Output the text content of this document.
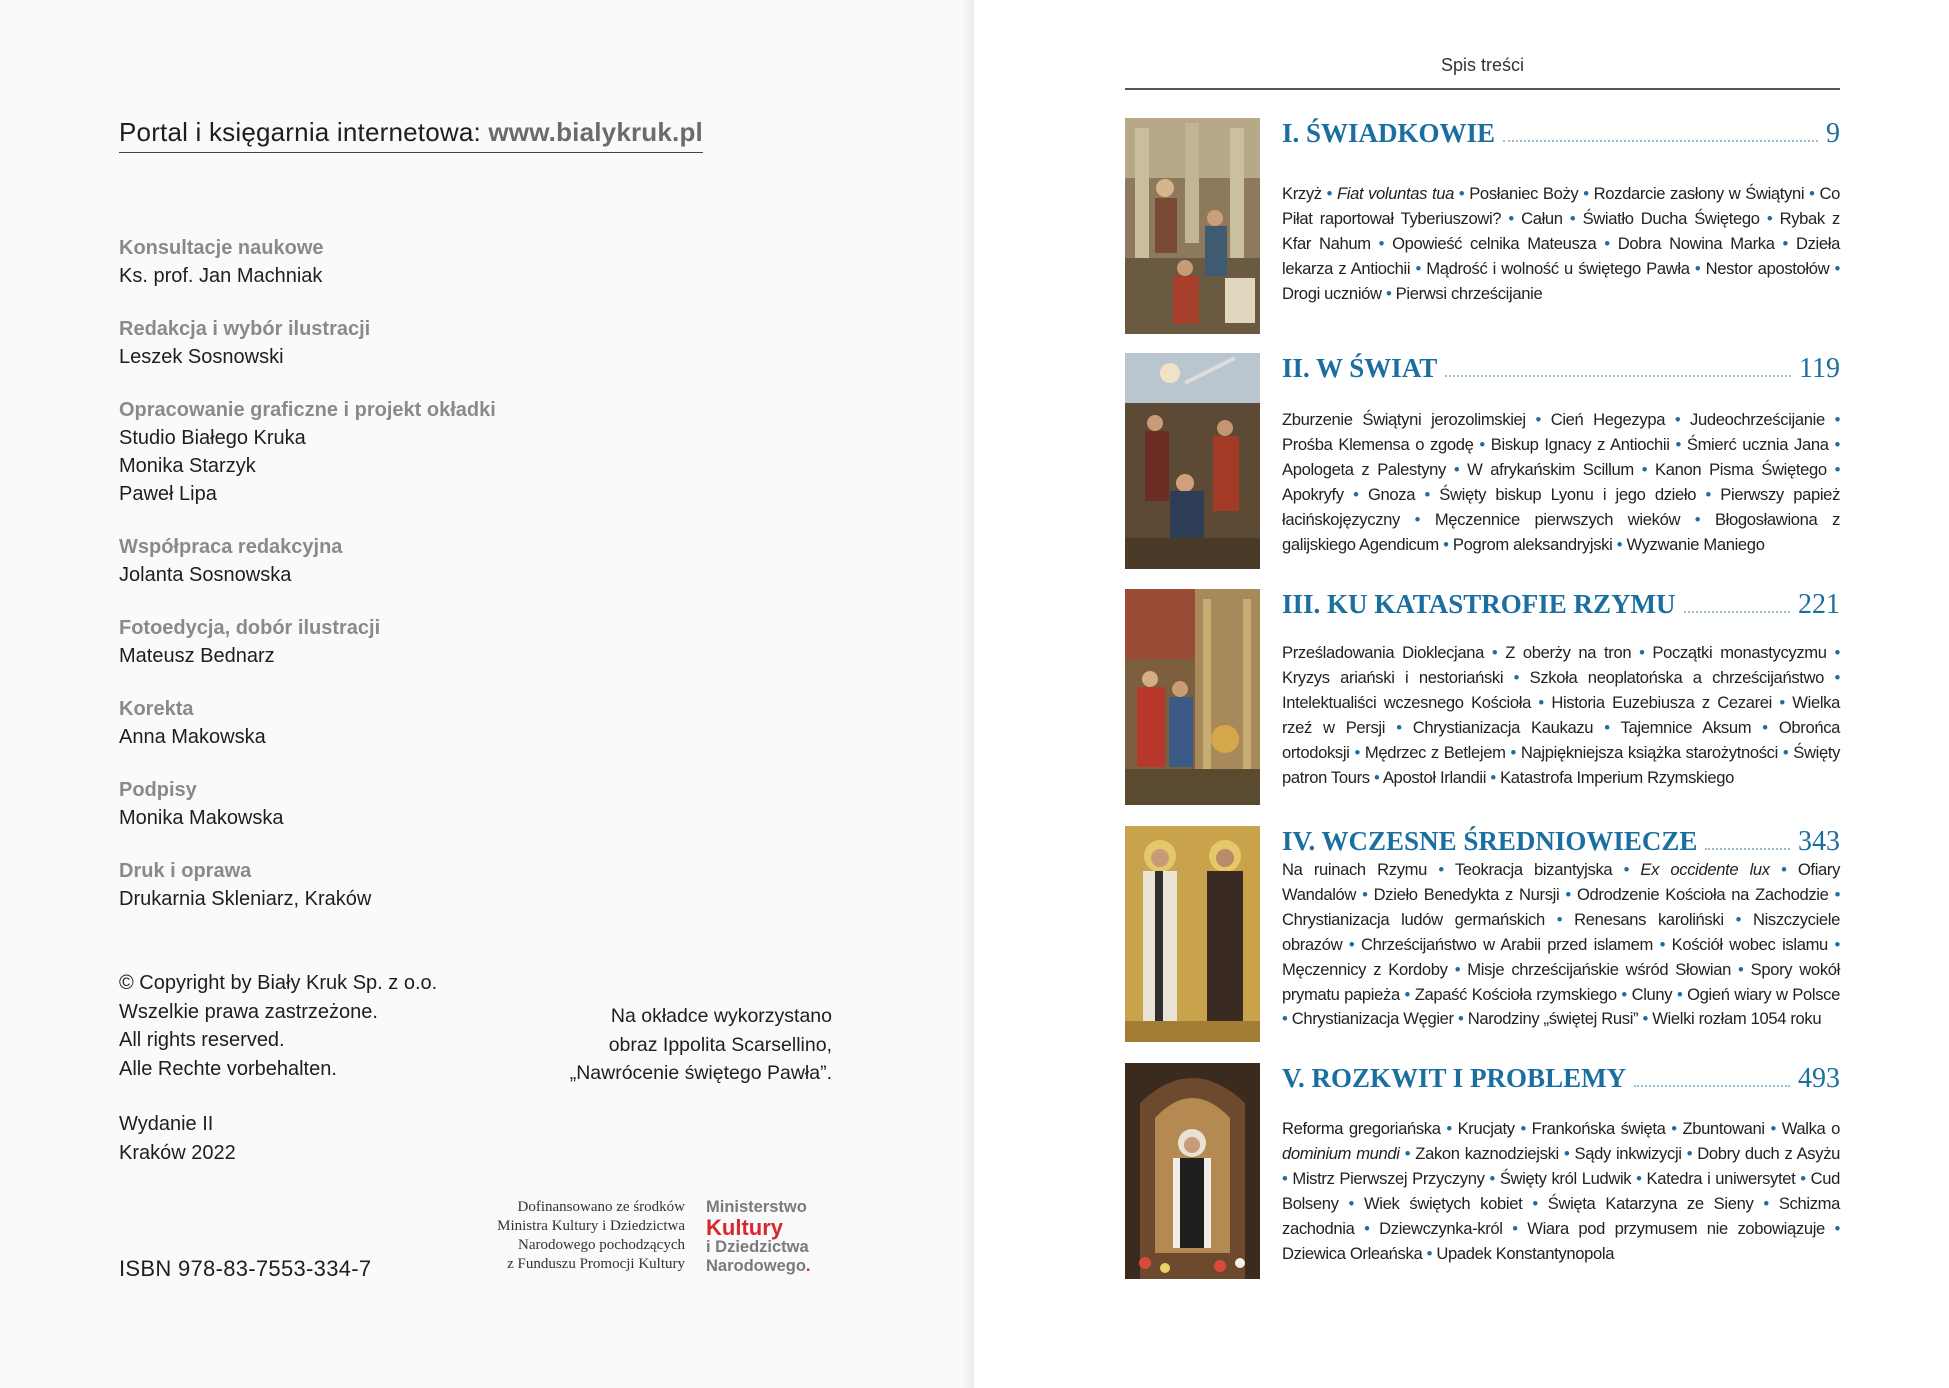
Portal i księgarnia internetowa: www.bialykruk.pl
Konsultacje naukowe
Ks. prof. Jan Machniak
Redakcja i wybór ilustracji
Leszek Sosnowski
Opracowanie graficzne i projekt okładki
Studio Białego Kruka
Monika Starzyk
Paweł Lipa
Współpraca redakcyjna
Jolanta Sosnowska
Fotoedycja, dobór ilustracji
Mateusz Bednarz
Korekta
Anna Makowska
Podpisy
Monika Makowska
Druk i oprawa
Drukarnia Skleniarz, Kraków
© Copyright by Biały Kruk Sp. z o.o.
Wszelkie prawa zastrzeżone.
All rights reserved.
Alle Rechte vorbehalten.
Wydanie II
Kraków 2022
ISBN 978-83-7553-334-7
Na okładce wykorzystano
obraz Ippolita Scarsellino,
„Nawrócenie świętego Pawła”.
Dofinansowano ze środków
Ministra Kultury i Dziedzictwa
Narodowego pochodzących
z Funduszu Promocji Kultury
Ministerstwo
Kultury
i Dziedzictwa
Narodowego.
Spis treści
I. ŚWIADKOWIE	9
Krzyż • Fiat voluntas tua • Posłaniec Boży • Rozdarcie zasłony w Świątyni • Co Piłat raportował Tyberiuszowi? • Całun • Światło Ducha Świętego • Rybak z Kfar Nahum • Opowieść celnika Mateusza • Dobra Nowina Marka • Dzieła lekarza z Antiochii • Mądrość i wolność u świętego Pawła • Nestor apostołów • Drogi uczniów • Pierwsi chrześcijanie
II. W ŚWIAT	119
Zburzenie Świątyni jerozolimskiej • Cień Hegezypa • Judeochrześcijanie • Prośba Klemensa o zgodę • Biskup Ignacy z Antiochii • Śmierć ucznia Jana • Apologeta z Palestyny • W afrykańskim Scillum • Kanon Pisma Świętego • Apokryfy • Gnoza • Święty biskup Lyonu i jego dzieło • Pierwszy papież łacińskojęzyczny • Męczennice pierwszych wieków • Błogosławiona z galijskiego Agendicum • Pogrom aleksandryjski • Wyzwanie Maniego
III. KU KATASTROFIE RZYMU	221
Prześladowania Dioklecjana • Z oberży na tron • Początki monastycyzmu • Kryzys ariański i nestoriański • Szkoła neoplatońska a chrześcijaństwo • Intelektualiści wczesnego Kościoła • Historia Euzebiusza z Cezarei • Wielka rzeź w Persji • Chrystianizacja Kaukazu • Tajemnice Aksum • Obrońca ortodoksji • Mędrzec z Betlejem • Najpiękniejsza książka starożytności • Święty patron Tours • Apostoł Irlandii • Katastrofa Imperium Rzymskiego
IV. WCZESNE ŚREDNIOWIECZE	343
Na ruinach Rzymu • Teokracja bizantyjska • Ex occidente lux • Ofiary Wandalów • Dzieło Benedykta z Nursji • Odrodzenie Kościoła na Zachodzie • Chrystianizacja ludów germańskich • Renesans karoliński • Niszczyciele obrazów • Chrześcijaństwo w Arabii przed islamem • Kościół wobec islamu • Męczennicy z Kordoby • Misje chrześcijańskie wśród Słowian • Spory wokół prymatu papieża • Zapaść Kościoła rzymskiego • Cluny • Ogień wiary w Polsce • Chrystianizacja Węgier • Narodziny „świętej Rusi” • Wielki rozłam 1054 roku
V. ROZKWIT I PROBLEMY	493
Reforma gregoriańska • Krucjaty • Frankońska święta • Zbuntowani • Walka o dominium mundi • Zakon kaznodziejski • Sądy inkwizycji • Dobry duch z Asyżu • Mistrz Pierwszej Przyczyny • Święty król Ludwik • Katedra i uniwersytet • Cud Bolseny • Wiek świętych kobiet • Święta Katarzyna ze Sieny • Schizma zachodnia • Dziewczynka-król • Wiara pod przymusem nie zobowiązuje • Dziewica Orleańska • Upadek Konstantynopola
